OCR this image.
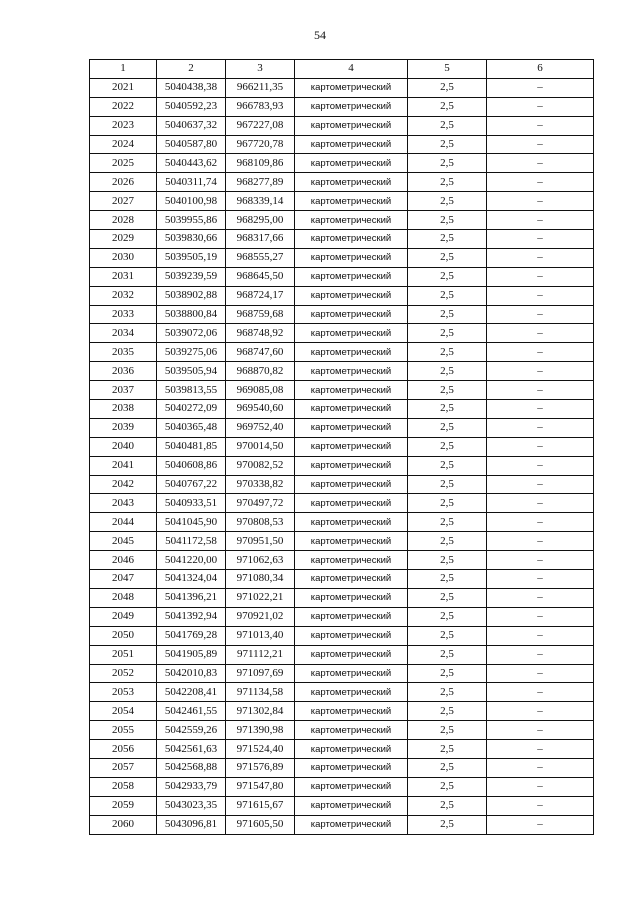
54
1	2	3	4	5	6
2021	5040438,38	966211,35	картометрический	2,5	–
2022	5040592,23	966783,93	картометрический	2,5	–
2023	5040637,32	967227,08	картометрический	2,5	–
2024	5040587,80	967720,78	картометрический	2,5	–
2025	5040443,62	968109,86	картометрический	2,5	–
2026	5040311,74	968277,89	картометрический	2,5	–
2027	5040100,98	968339,14	картометрический	2,5	–
2028	5039955,86	968295,00	картометрический	2,5	–
2029	5039830,66	968317,66	картометрический	2,5	–
2030	5039505,19	968555,27	картометрический	2,5	–
2031	5039239,59	968645,50	картометрический	2,5	–
2032	5038902,88	968724,17	картометрический	2,5	–
2033	5038800,84	968759,68	картометрический	2,5	–
2034	5039072,06	968748,92	картометрический	2,5	–
2035	5039275,06	968747,60	картометрический	2,5	–
2036	5039505,94	968870,82	картометрический	2,5	–
2037	5039813,55	969085,08	картометрический	2,5	–
2038	5040272,09	969540,60	картометрический	2,5	–
2039	5040365,48	969752,40	картометрический	2,5	–
2040	5040481,85	970014,50	картометрический	2,5	–
2041	5040608,86	970082,52	картометрический	2,5	–
2042	5040767,22	970338,82	картометрический	2,5	–
2043	5040933,51	970497,72	картометрический	2,5	–
2044	5041045,90	970808,53	картометрический	2,5	–
2045	5041172,58	970951,50	картометрический	2,5	–
2046	5041220,00	971062,63	картометрический	2,5	–
2047	5041324,04	971080,34	картометрический	2,5	–
2048	5041396,21	971022,21	картометрический	2,5	–
2049	5041392,94	970921,02	картометрический	2,5	–
2050	5041769,28	971013,40	картометрический	2,5	–
2051	5041905,89	971112,21	картометрический	2,5	–
2052	5042010,83	971097,69	картометрический	2,5	–
2053	5042208,41	971134,58	картометрический	2,5	–
2054	5042461,55	971302,84	картометрический	2,5	–
2055	5042559,26	971390,98	картометрический	2,5	–
2056	5042561,63	971524,40	картометрический	2,5	–
2057	5042568,88	971576,89	картометрический	2,5	–
2058	5042933,79	971547,80	картометрический	2,5	–
2059	5043023,35	971615,67	картометрический	2,5	–
2060	5043096,81	971605,50	картометрический	2,5	–
